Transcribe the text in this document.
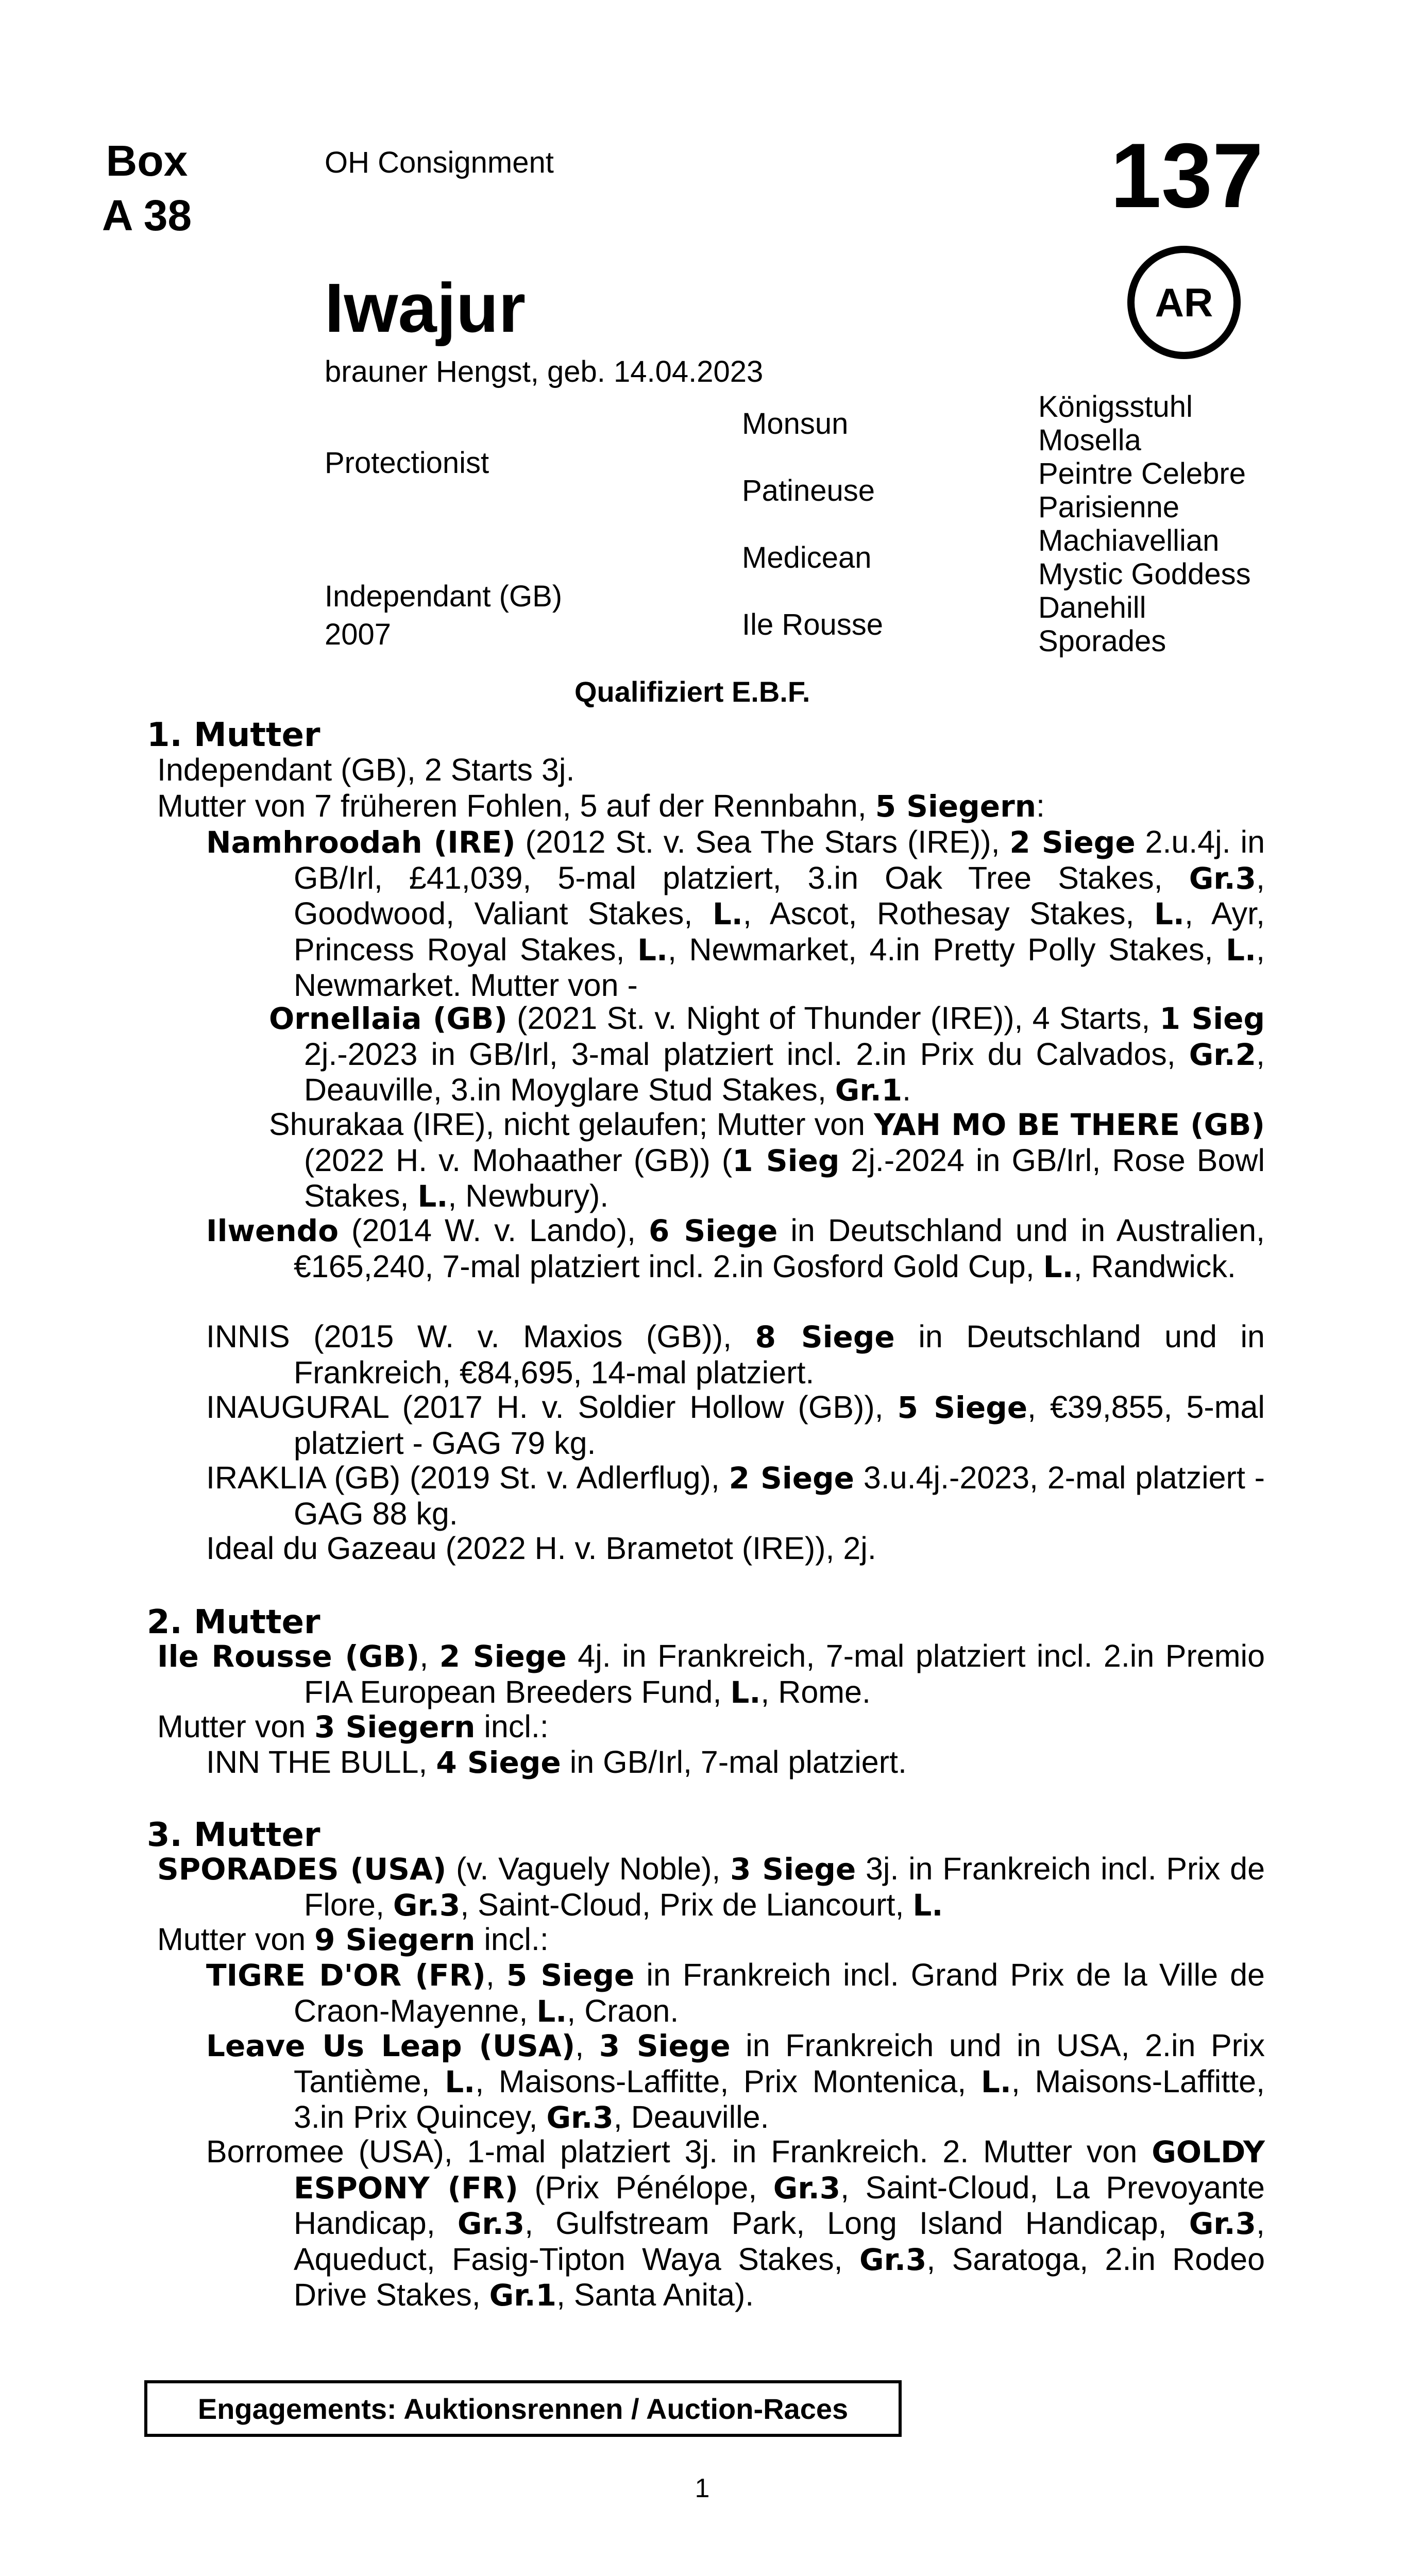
Box
A 38
OH Consignment	137
AR
Iwajur
brauner Hengst, geb. 14.04.2023
Protectionist
Independant (GB)
2007
Monsun
Patineuse
Medicean
Ile Rousse
Königsstuhl
Mosella
Peintre Celebre
Parisienne
Machiavellian
Mystic Goddess
Danehill
Sporades
Qualifiziert E.B.F.
1. Mutter
Independant (GB), 2 Starts 3j.
Mutter von 7 früheren Fohlen, 5 auf der Rennbahn, 5 Siegern:
Namhroodah (IRE) (2012 St. v. Sea The Stars (IRE)), 2 Siege 2.u.4j. in GB/Irl, £41,039, 5-mal platziert, 3.in Oak Tree Stakes, Gr.3, Goodwood, Valiant Stakes, L., Ascot, Rothesay Stakes, L., Ayr, Princess Royal Stakes, L., Newmarket, 4.in Pretty Polly Stakes, L., Newmarket. Mutter von -
Ornellaia (GB) (2021 St. v. Night of Thunder (IRE)), 4 Starts, 1 Sieg 2j.-2023 in GB/Irl, 3-mal platziert incl. 2.in Prix du Calvados, Gr.2, Deauville, 3.in Moyglare Stud Stakes, Gr.1.
Shurakaa (IRE), nicht gelaufen; Mutter von YAH MO BE THERE (GB) (2022 H. v. Mohaather (GB)) (1 Sieg 2j.-2024 in GB/Irl, Rose Bowl Stakes, L., Newbury).
Ilwendo (2014 W. v. Lando), 6 Siege in Deutschland und in Australien, €165,240, 7-mal platziert incl. 2.in Gosford Gold Cup, L., Randwick.
INNIS (2015 W. v. Maxios (GB)), 8 Siege in Deutschland und in Frankreich, €84,695, 14-mal platziert.
INAUGURAL (2017 H. v. Soldier Hollow (GB)), 5 Siege, €39,855, 5-mal platziert - GAG 79 kg.
IRAKLIA (GB) (2019 St. v. Adlerflug), 2 Siege 3.u.4j.-2023, 2-mal platziert - GAG 88 kg.
Ideal du Gazeau (2022 H. v. Brametot (IRE)), 2j.
2. Mutter
Ile Rousse (GB), 2 Siege 4j. in Frankreich, 7-mal platziert incl. 2.in Premio FIA European Breeders Fund, L., Rome.
Mutter von 3 Siegern incl.:
INN THE BULL, 4 Siege in GB/Irl, 7-mal platziert.
3. Mutter
SPORADES (USA) (v. Vaguely Noble), 3 Siege 3j. in Frankreich incl. Prix de Flore, Gr.3, Saint-Cloud, Prix de Liancourt, L.
Mutter von 9 Siegern incl.:
TIGRE D'OR (FR), 5 Siege in Frankreich incl. Grand Prix de la Ville de Craon-Mayenne, L., Craon.
Leave Us Leap (USA), 3 Siege in Frankreich und in USA, 2.in Prix Tantième, L., Maisons-Laffitte, Prix Montenica, L., Maisons-Laffitte, 3.in Prix Quincey, Gr.3, Deauville.
Borromee (USA), 1-mal platziert 3j. in Frankreich. 2. Mutter von GOLDY ESPONY (FR) (Prix Pénélope, Gr.3, Saint-Cloud, La Prevoyante Handicap, Gr.3, Gulfstream Park, Long Island Handicap, Gr.3, Aqueduct, Fasig-Tipton Waya Stakes, Gr.3, Saratoga, 2.in Rodeo Drive Stakes, Gr.1, Santa Anita).
Engagements: Auktionsrennen / Auction-Races
1
